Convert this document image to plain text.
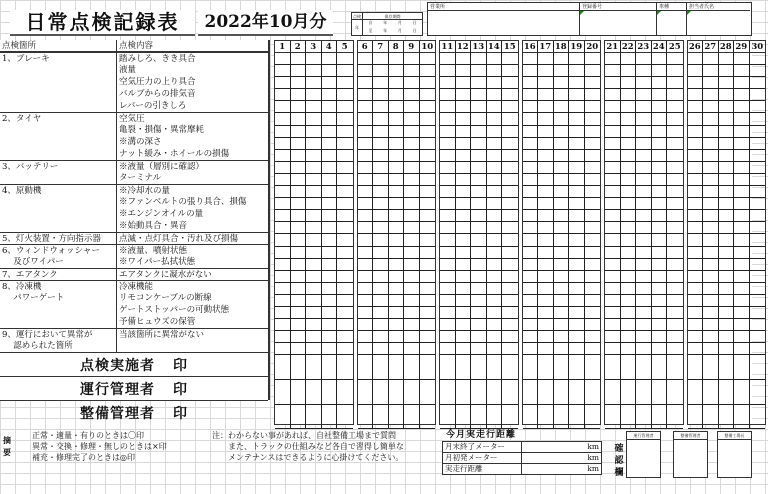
日常点検記録表	2022年10月分	点検	保存期間
年
自	年	月	日
至	年	月	日
営業所	登録番号	車種	担当者氏名
点検箇所	点検内容
1、ブレーキ	踏みしろ、きき具合
液量
空気圧力の上り具合
バルブからの排気音
レバーの引きしろ
2、タイヤ	空気圧
亀裂・損傷・異常摩耗
※溝の深さ
ナット緩み・ホイールの損傷
3、バッテリー	※液量（層別に確認）
ターミナル
4、原動機	※冷却水の量
※ファンベルトの張り具合、損傷
※エンジンオイルの量
※始動具合・異音
5、灯火装置・方向指示器	点滅・点灯具合・汚れ及び損傷
6、ウィンドウォッシャー	※液量、噴射状態
　 及びワイパー	※ワイパー払拭状態
7、エアタンク	エアタンクに凝水がない
8、冷凍機	冷凍機能
　 パワーゲート	リモコンケーブルの断線
ゲートストッパーの可動状態
予備ヒュウズの保管
9、運行において異常が	当該箇所に異常がない
　 認められた箇所
点検実施者 印
運行管理者 印
整備管理者 印
1	2	3	4	5	6	7	8	9 10 11 12 13 14 15 16 17 18 19 20 21 22 23 24 25 26 27 28 29 30
摘要
正常・適量・有りのときは〇印
異常・交換・修理・無しのときは×印
補充・修理完了のときは◎印
注：わからない事があれば、自社整備工場まで質問
　　また、トラックの仕組みなど各自で習得し簡単な
　　メンテナンスはできるように心掛けてください。
今月実走行距離
月末終了メーター	km
月初発メーター	km
実走行距離	km
確認欄
運行管理者	整備管理者	整備工場長
